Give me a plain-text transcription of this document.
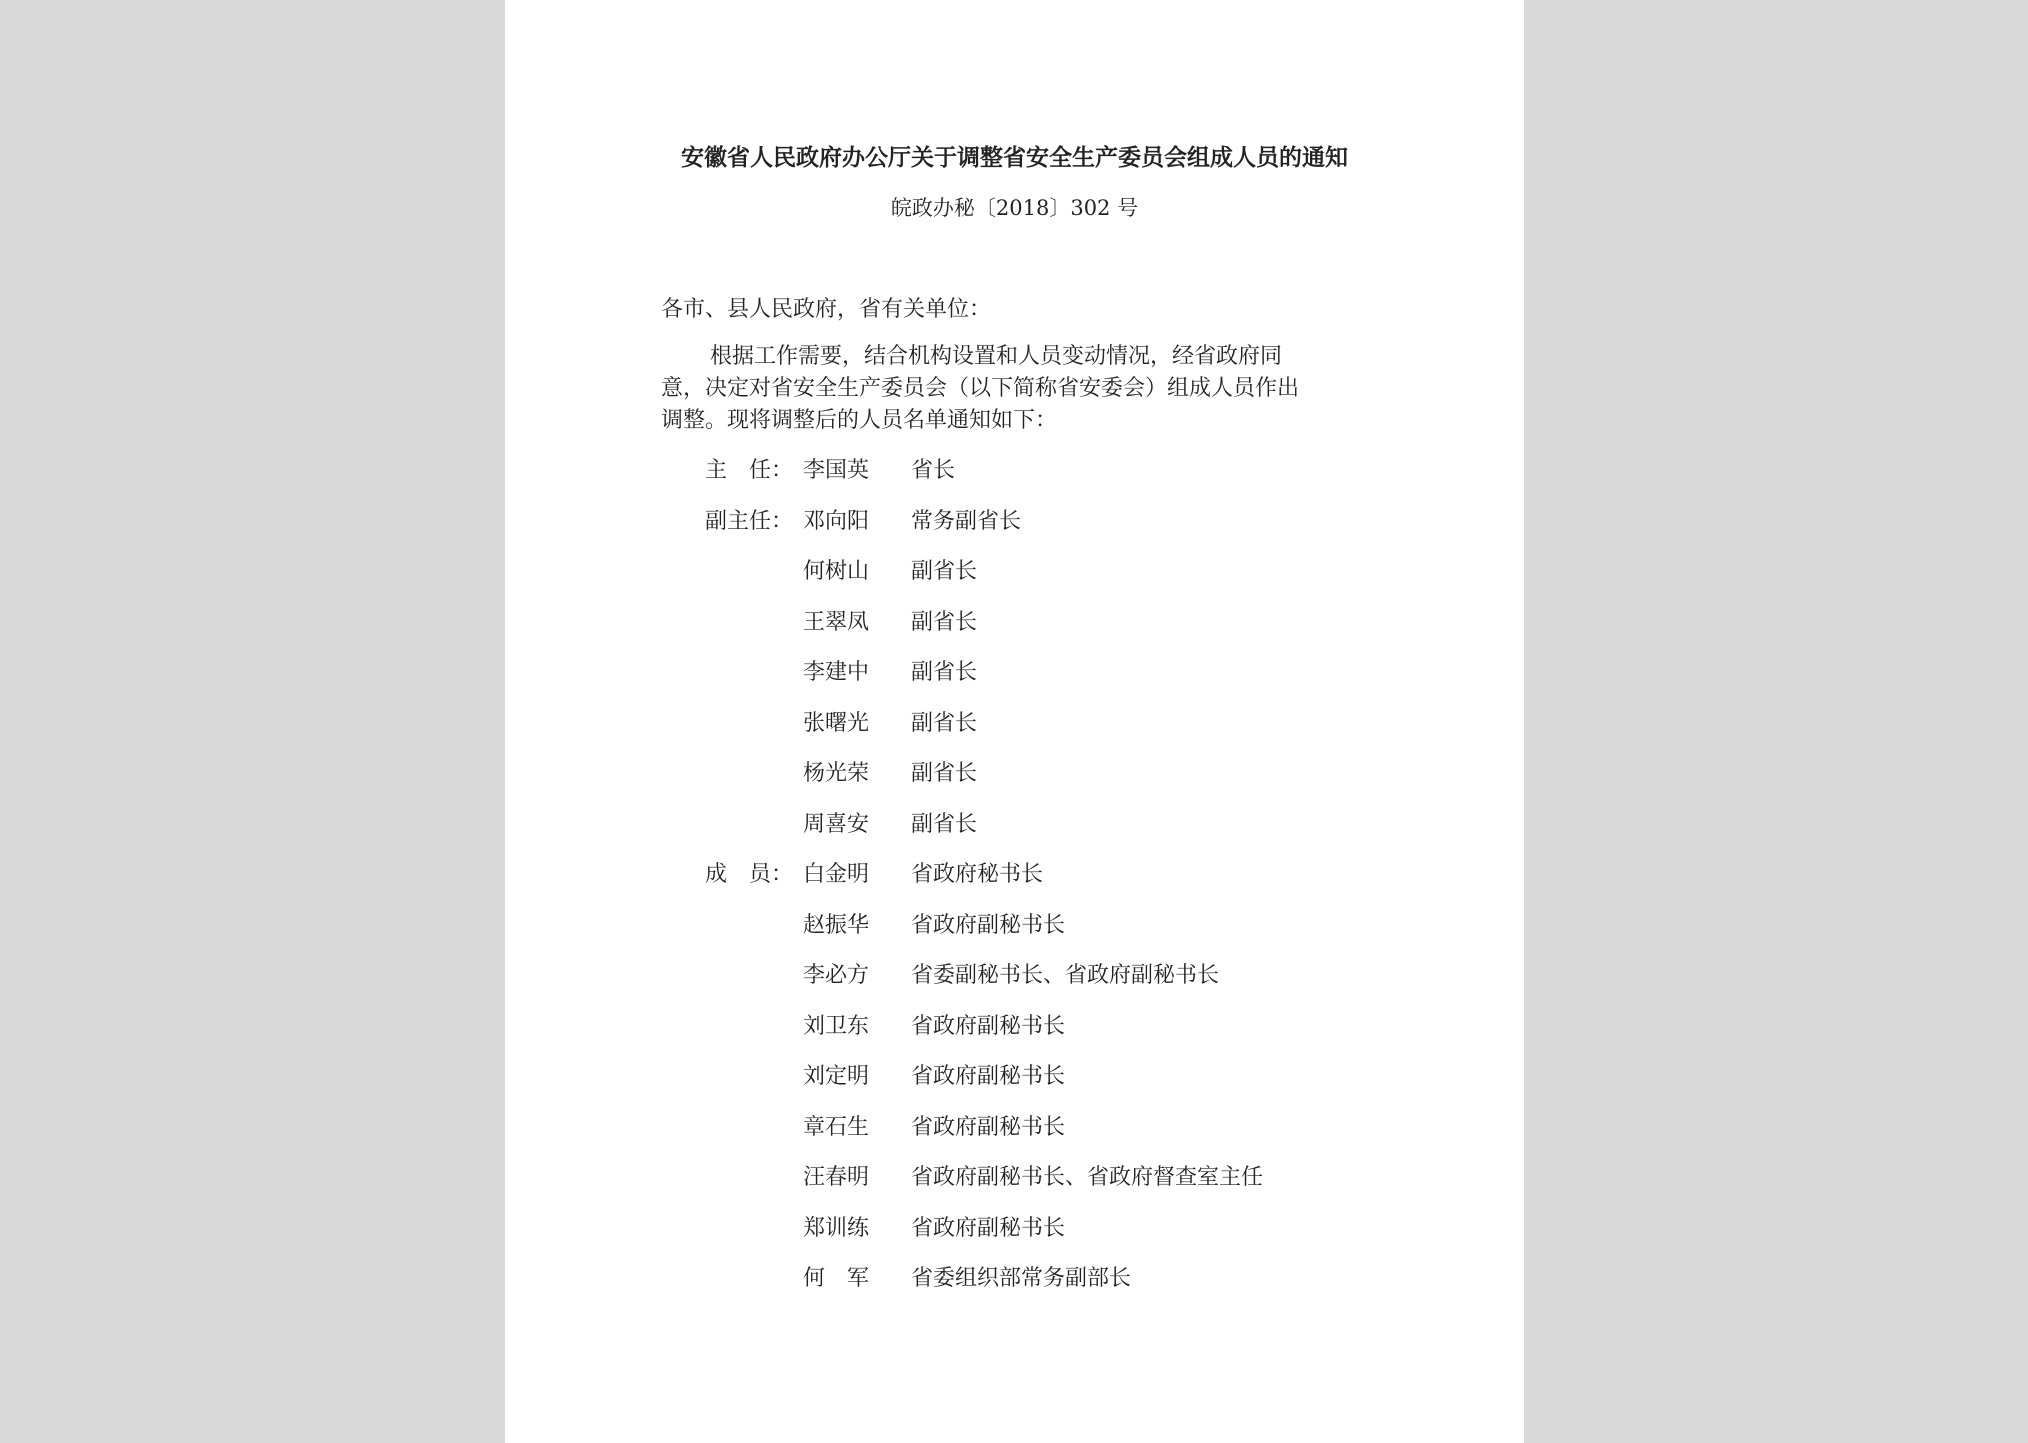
安徽省人民政府办公厅关于调整省安全生产委员会组成人员的通知
皖政办秘〔2018〕302 号
各市、县人民政府，省有关单位：
根据工作需要，结合机构设置和人员变动情况，经省政府同
意，决定对省安全生产委员会（以下简称省安委会）组成人员作出
调整。现将调整后的人员名单通知如下：
主　任： 李国英 省长
副主任： 邓向阳 常务副省长
何树山 副省长
王翠凤 副省长
李建中 副省长
张曙光 副省长
杨光荣 副省长
周喜安 副省长
成　员： 白金明 省政府秘书长
赵振华 省政府副秘书长
李必方 省委副秘书长、省政府副秘书长
刘卫东 省政府副秘书长
刘定明 省政府副秘书长
章石生 省政府副秘书长
汪春明 省政府副秘书长、省政府督查室主任
郑训练 省政府副秘书长
何　军 省委组织部常务副部长
